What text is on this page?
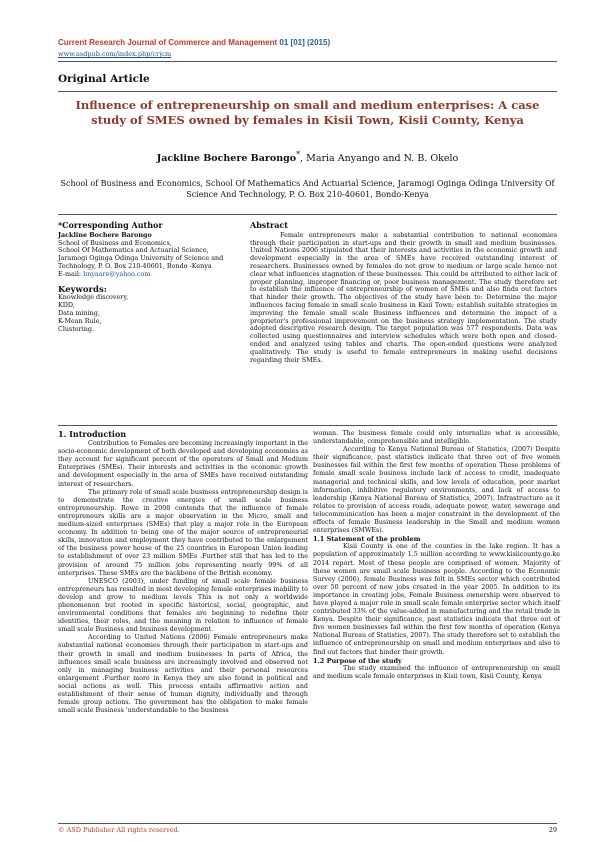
Current Research Journal of Commerce and Management 01 [01] (2015)
www.asdpub.com/index.php/crjcm
Original Article
Influence of entrepreneurship on small and medium enterprises: A case study of SMES owned by females in Kisii Town, Kisii County, Kenya
Jackline Bochere Barongo*, Maria Anyango and N. B. Okelo
School of Business and Economics, School Of Mathematics And Actuarial Science, Jaramogi Oginga Odinga University Of Science And Technology, P. O. Box 210-40601, Bondo-Kenya
*Corresponding Author
Jackline Bochere Barongo
School of Business and Economics,
School Of Mathematics and Actuarial Science,
Jaramogi Oginga Odinga University of Science and
Technology, P. O. Box 210-40601, Bondo -Kenya
E-mail: bnyaare@yahoo.com
Keywords:
Knowledge discovery,
KDD,
Data mining,
K-Mean Rule,
Clustering.
Abstract

Female entrepreneurs make a substantial contribution to national economies through their participation in start-ups and their growth in small and medium businesses. United Nations 2006 stipulated that their interests and activities in the economic growth and development especially in the area of SMEs have received outstanding interest of researchers. Businesses owned by females do not grow to medium or large scale hence not clear what influences stagnation of these businesses. This could be attributed to either lack of proper planning, improper financing or, poor business management. The study therefore set to establish the influence of entrepreneurship of women of SMEs and also finds out factors that hinder their growth. The objectives of the study have been to: Determine the major influences facing female in small scale business in Kisii Town; establish suitable strategies in improving the female small scale Business influences and determine the impact of a proprietor's professional improvement on the business strategy implementation. The study adopted descriptive research design. The target population was 577 respondents. Data was collected using questionnaires and interview schedules which were both open and closed-ended and analyzed using tables and charts. The open-ended questions were analyzed qualitatively. The study is useful to female entrepreneurs in making useful decisions regarding their SMEs.

1. Introduction

Contribution to Females are becoming increasingly important in the socio-economic development of both developed and developing economies as they account for significant percent of the operators of Small and Medium Enterprises (SMEs). Their interests and activities in the economic growth and development especially in the area of SMEs have received outstanding interest of researchers.

The primary role of small scale business entrepreneurship design is to demonstrate the creative energies of small scale business entrepreneurship. Rowe in 2008 contends that the influence of female entrepreneurs skills are a major observation in the Micro, small and medium-sized enterprises (SMEs) that play a major role in the European economy. In addition to being one of the major source of entrepreneurial skills, innovation and employment they have contributed to the enlargement of the business power house of the 25 countries in European Union leading to establishment of over 23 million SMEs .Further still that has led to the provision of around 75 million jobs representing nearly 99% of all enterprises. These SMEs are the backbone of the British economy.

UNESCO (2003), under funding of small scale female business entrepreneurs has resulted in most developing female enterprises inability to develop and grow to medium levels This is not only a worldwide phenomenon but rooted in specific historical, social, geographic, and environmental conditions that females are beginning to redefine their identities, their roles, and the meaning in relation to influence of female small scale Business and business development.

According to United Nations (2006) Female entrepreneurs make substantial national economies through their participation in start-ups and their growth in small and medium businesses In parts of Africa, the influences small scale business are increasingly involved and observed not only in managing business activities and their personal resources enlargement .Further more in Kenya they are also found in political and social actions as well. This process entails affirmative action and establishment of their sense of human dignity, individually and through female group actions. The government has the obligation to make female small scale Business 'understandable to the business

woman. The business female could only internalize what is accessible, understandable, comprehensible and intelligible.

According to Kenya National Bureau of Statistics, (2007) Despite their significance, past statistics indicate that three out of five women businesses fail within the first few months of operation These problems of female small scale business include lack of access to credit, inadequate managerial and technical skills, and low levels of education, poor market information, inhibitive regulatory environments, and lack of access to leadership (Kenya National Bureau of Statistics, 2007). Infrastructure as it relates to provision of access roads, adequate power, water, sewerage and telecommunication has been a major constraint in the development of the effects of female Business leadership in the Small and medium women enterprises (SMWEs).

1.1 Statement of the problem

Kisii County is one of the counties in the lake region. It has a population of approximately 1.5 million according to www.kisiicounty.go.ke 2014 report. Most of these people are comprised of women. Majority of these women are small scale business people. According to the Economic Survey (2006), female Business was felt in SMEs sector which contributed over 50 percent of new jobs created in the year 2005. In addition to its importance in creating jobs, Female Business ownership were observed to have played a major role in small scale female enterprise sector which itself contributed 33% of the value-added in manufacturing and the retail trade in Kenya. Despite their significance, past statistics indicate that three out of five women businesses fail within the first few months of operation (Kenya National Bureau of Statistics, 2007). The study therefore set to establish the influence of entrepreneurship on small and medium enterprises and also to find out factors that hinder their growth.

1.2 Purpose of the study

The study examined the influence of entrepreneurship on small and medium scale female enterprises in Kisii town, Kisii County, Kenya

© ASD Publisher All rights reserved.	29
